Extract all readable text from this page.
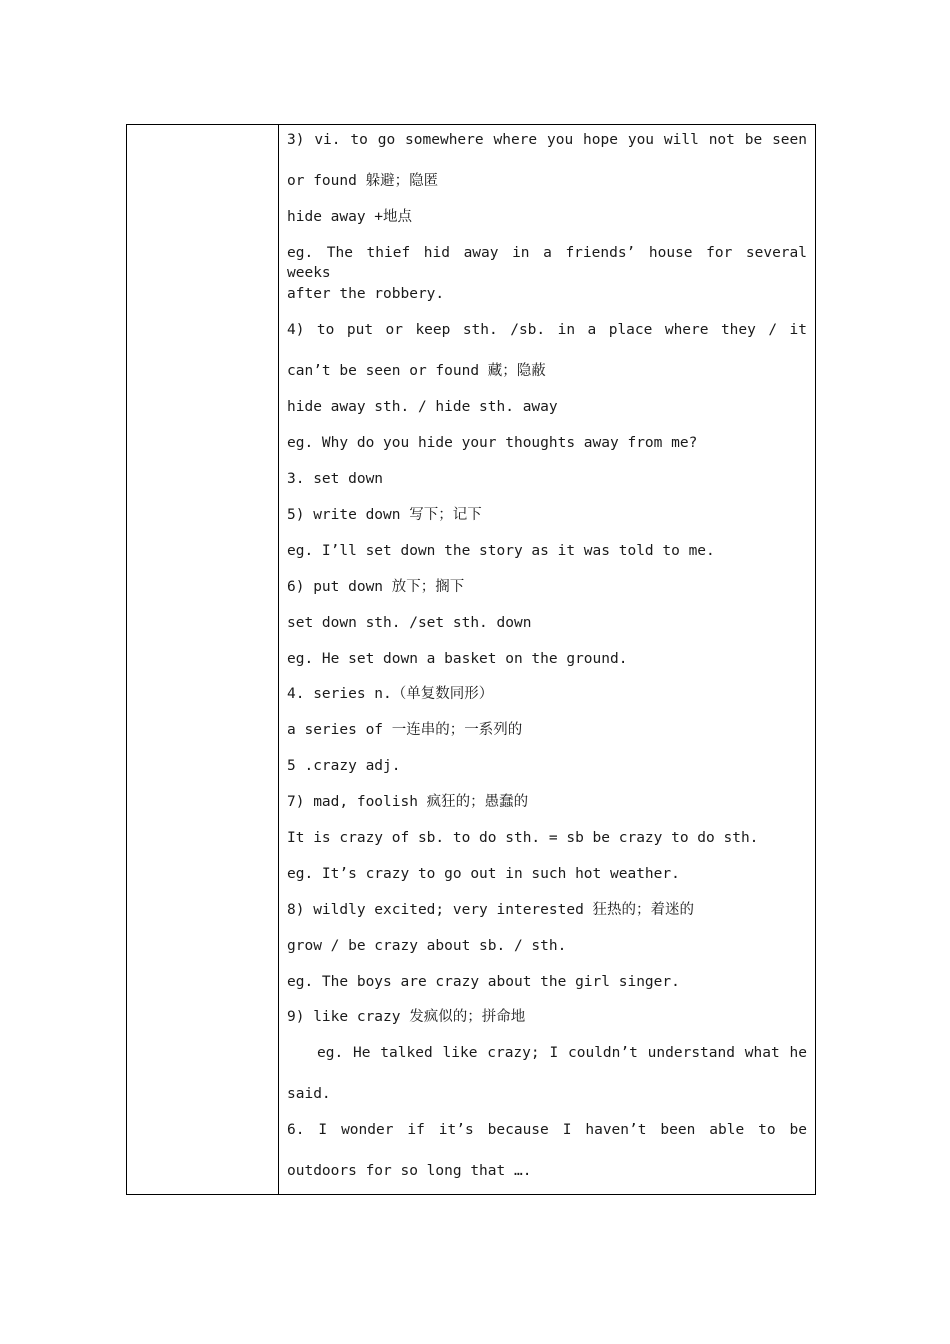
3) vi. to go somewhere where you hope you will not be seen
or found 躲避；隐匿
hide away +地点
eg. The thief hid away in a friends’ house for several weeks
after the robbery.
4) to put or keep sth. /sb. in a place where they / it
can’t be seen or found 藏；隐蔽
hide away sth. / hide sth. away
eg. Why do you hide your thoughts away from me?
3. set down
5) write down 写下；记下
eg. I’ll set down the story as it was told to me.
6) put down 放下；搁下
set down sth. /set sth. down
eg. He set down a basket on the ground.
4. series n.（单复数同形）
a series of 一连串的；一系列的
5 .crazy adj.
7) mad, foolish 疯狂的；愚蠢的
It is crazy of sb. to do sth. = sb be crazy to do sth.
eg. It’s crazy to go out in such hot weather.
8) wildly excited; very interested 狂热的；着迷的
grow / be crazy about sb. / sth.
eg. The boys are crazy about the girl singer.
9) like crazy 发疯似的；拼命地
eg. He talked like crazy; I couldn’t understand what he
said.
6. I wonder if it’s because I haven’t been able to be
outdoors for so long that ….
